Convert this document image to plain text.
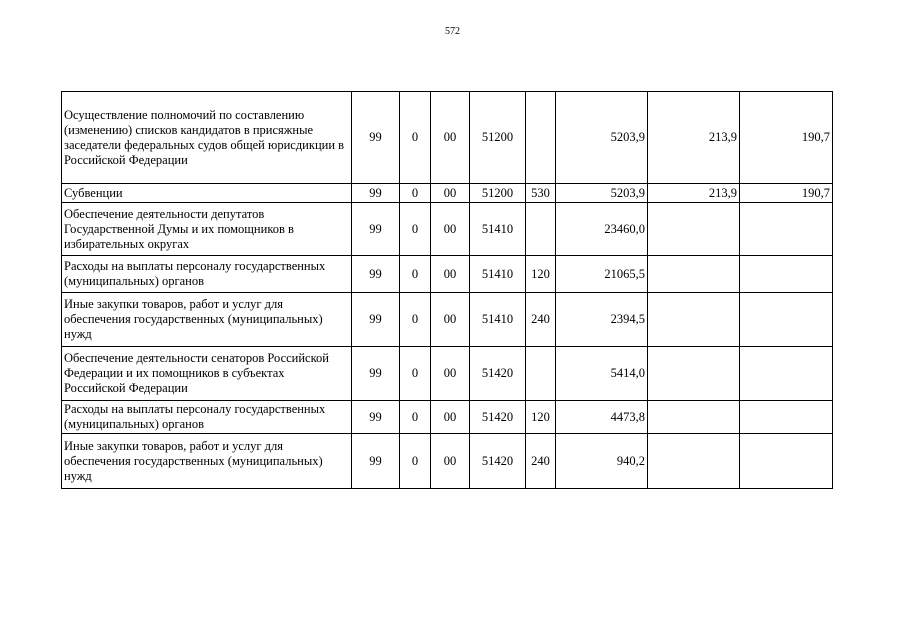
572
Осуществление полномочий по составлению (изменению) списков кандидатов в присяжные заседатели федеральных судов общей юрисдикции в Российской Федерации	99	0	00	51200		5203,9	213,9	190,7
Субвенции	99	0	00	51200	530	5203,9	213,9	190,7
Обеспечение деятельности депутатов Государственной Думы и их помощников в избирательных округах	99	0	00	51410		23460,0		
Расходы на выплаты персоналу государственных (муниципальных) органов	99	0	00	51410	120	21065,5		
Иные закупки товаров, работ и услуг для обеспечения государственных (муниципальных) нужд	99	0	00	51410	240	2394,5		
Обеспечение деятельности сенаторов Российской Федерации и их помощников в субъектах Российской Федерации	99	0	00	51420		5414,0		
Расходы на выплаты персоналу государственных (муниципальных) органов	99	0	00	51420	120	4473,8		
Иные закупки товаров, работ и услуг для обеспечения государственных (муниципальных) нужд	99	0	00	51420	240	940,2		
